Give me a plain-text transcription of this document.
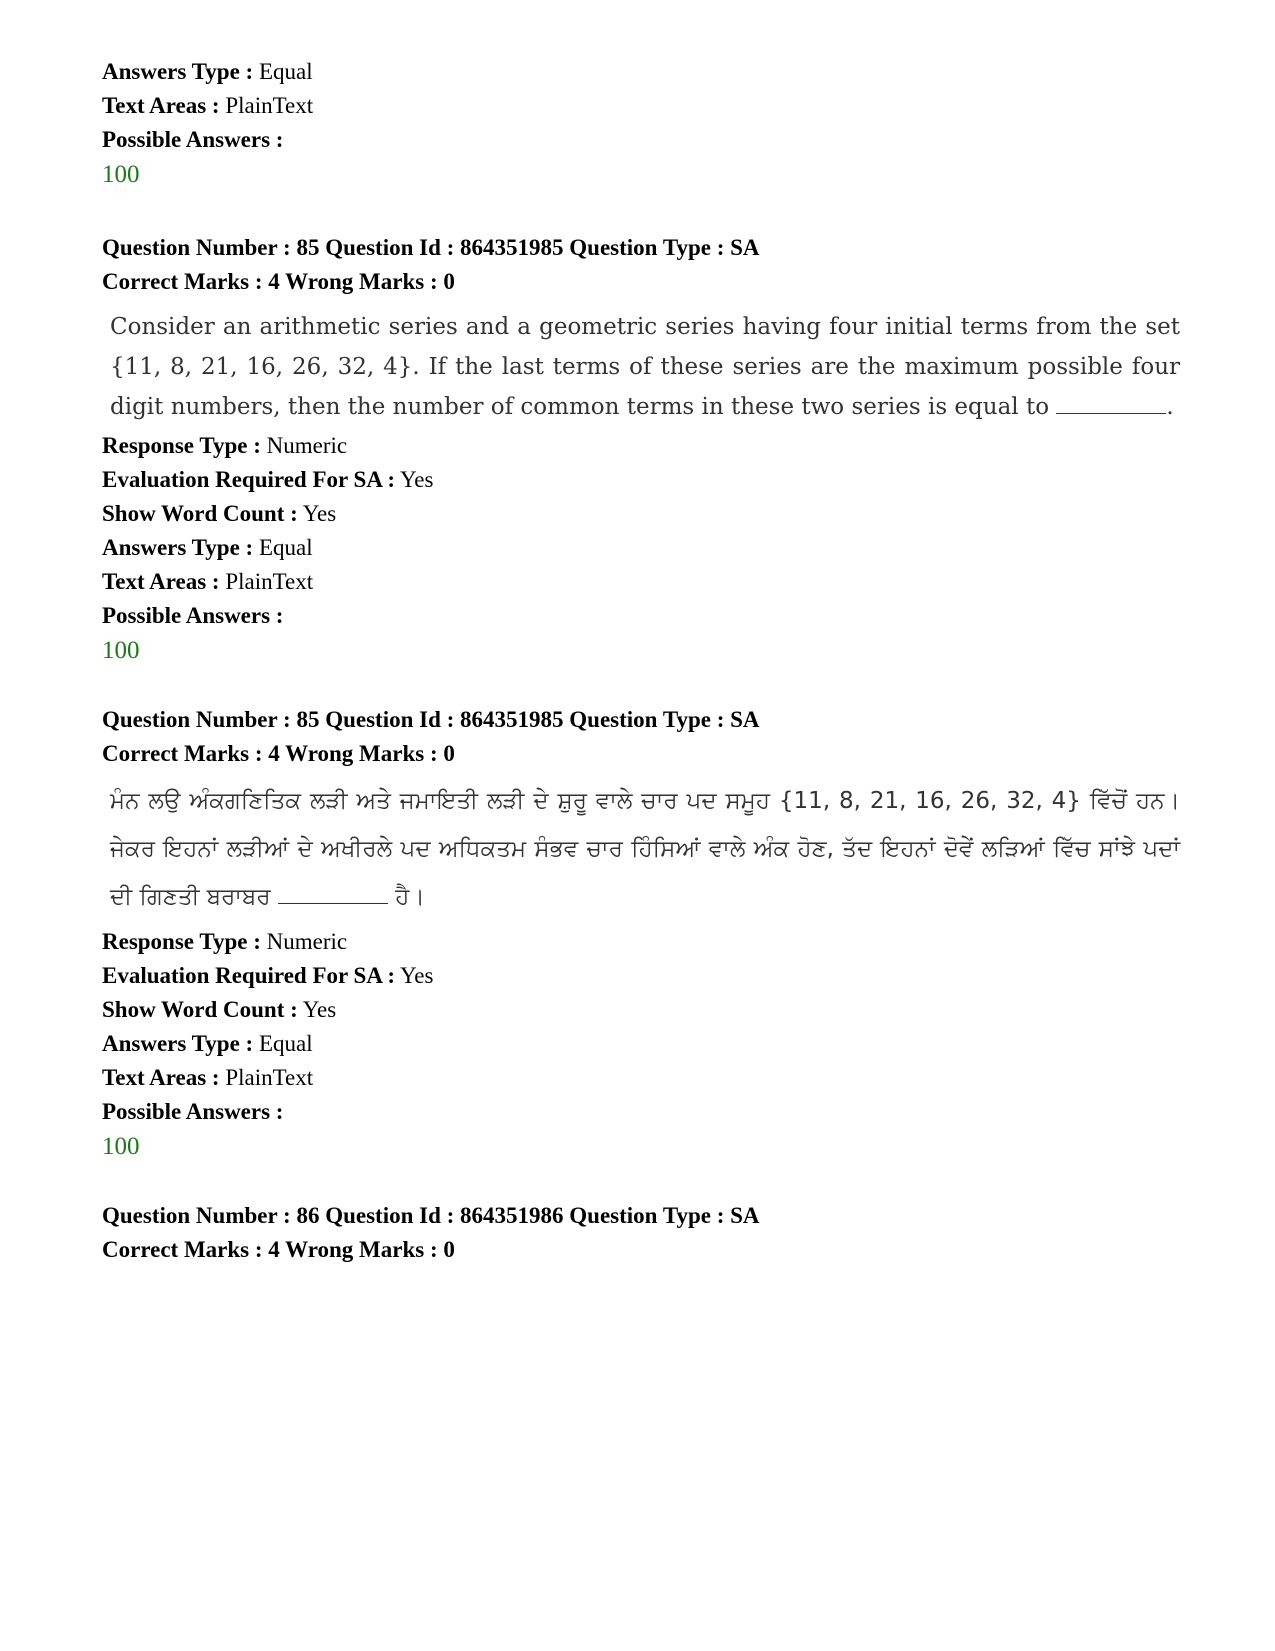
Answers Type : Equal
Text Areas : PlainText
Possible Answers :
100
Question Number : 85 Question Id : 864351985 Question Type : SA
Correct Marks : 4 Wrong Marks : 0
Consider an arithmetic series and a geometric series having four initial terms from the set {11, 8, 21, 16, 26, 32, 4}. If the last terms of these series are the maximum possible four digit numbers, then the number of common terms in these two series is equal to	.
Response Type : Numeric
Evaluation Required For SA : Yes
Show Word Count : Yes
Answers Type : Equal
Text Areas : PlainText
Possible Answers :
100
Question Number : 85 Question Id : 864351985 Question Type : SA
Correct Marks : 4 Wrong Marks : 0
ਮੰਨ ਲਉ ਅੰਕਗਣਿਤਿਕ ਲੜੀ ਅਤੇ ਜਮਾਇਤੀ ਲੜੀ ਦੇ ਸ਼ੁਰੂ ਵਾਲੇ ਚਾਰ ਪਦ ਸਮੂਹ {11, 8, 21, 16, 26, 32, 4} ਵਿੱਚੋਂ ਹਨ। ਜੇਕਰ ਇਹਨਾਂ ਲੜੀਆਂ ਦੇ ਅਖੀਰਲੇ ਪਦ ਅਧਿਕਤਮ ਸੰਭਵ ਚਾਰ ਹਿੰਸਿਆਂ ਵਾਲੇ ਅੰਕ ਹੋਣ, ਤੱਦ ਇਹਨਾਂ ਦੋਵੇਂ ਲੜਿਆਂ ਵਿੱਚ ਸਾਂਝੇ ਪਦਾਂ ਦੀ ਗਿਣਤੀ ਬਰਾਬਰ	ਹੈ।
Response Type : Numeric
Evaluation Required For SA : Yes
Show Word Count : Yes
Answers Type : Equal
Text Areas : PlainText
Possible Answers :
100
Question Number : 86 Question Id : 864351986 Question Type : SA
Correct Marks : 4 Wrong Marks : 0
